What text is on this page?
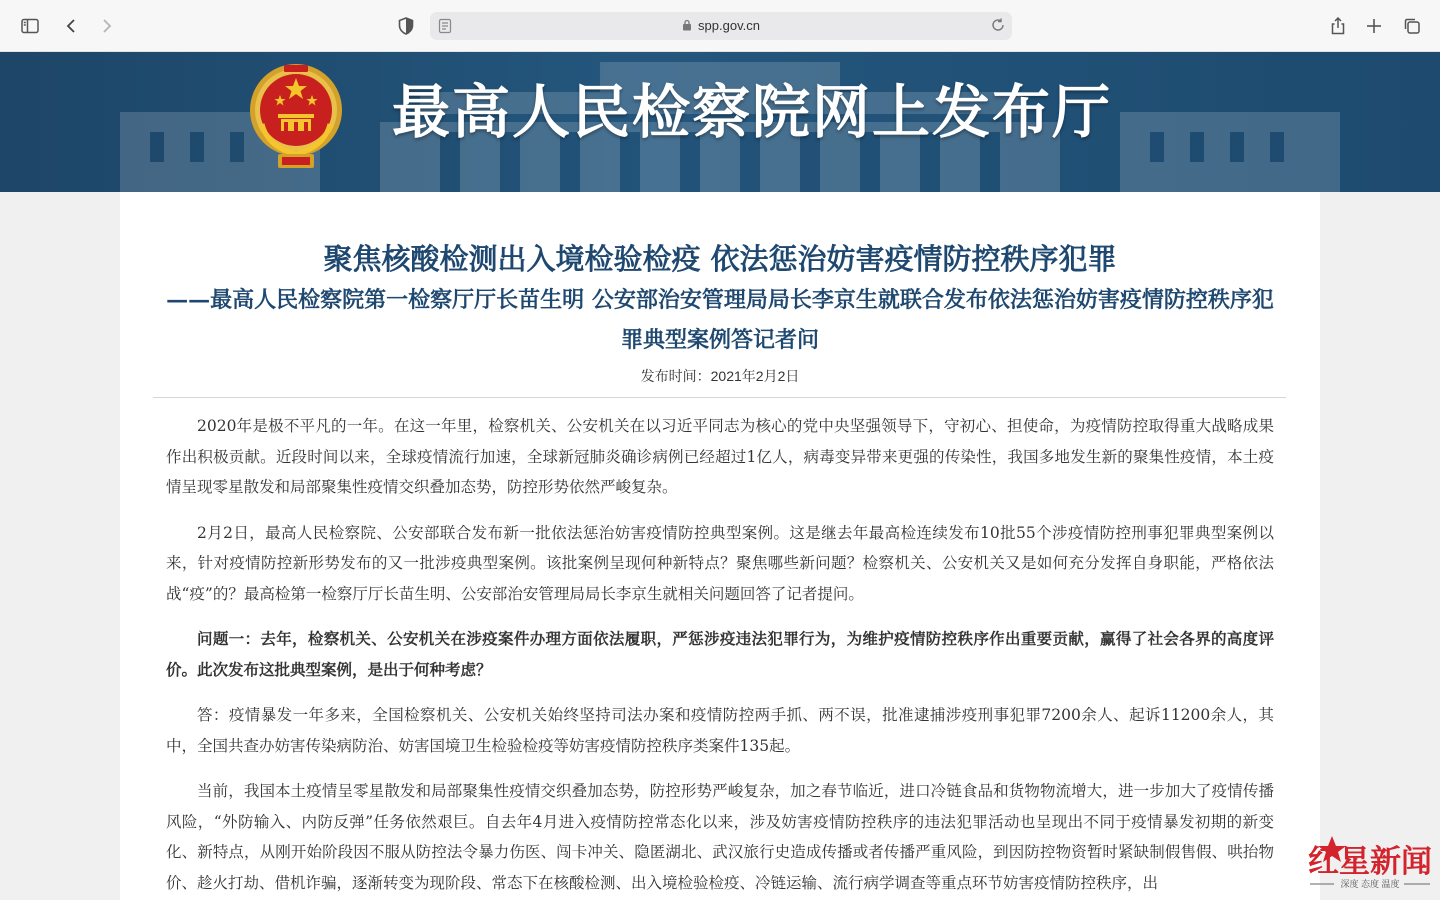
spp.gov.cn
最高人民检察院网上发布厅
聚焦核酸检测出入境检验检疫 依法惩治妨害疫情防控秩序犯罪
——最高人民检察院第一检察厅厅长苗生明 公安部治安管理局局长李京生就联合发布依法惩治妨害疫情防控秩序犯罪典型案例答记者问
发布时间：2021年2月2日

2020年是极不平凡的一年。在这一年里，检察机关、公安机关在以习近平同志为核心的党中央坚强领导下，守初心、担使命，为疫情防控取得重大战略成果作出积极贡献。近段时间以来，全球疫情流行加速，全球新冠肺炎确诊病例已经超过1亿人，病毒变异带来更强的传染性，我国多地发生新的聚集性疫情，本土疫情呈现零星散发和局部聚集性疫情交织叠加态势，防控形势依然严峻复杂。

2月2日，最高人民检察院、公安部联合发布新一批依法惩治妨害疫情防控典型案例。这是继去年最高检连续发布10批55个涉疫情防控刑事犯罪典型案例以来，针对疫情防控新形势发布的又一批涉疫典型案例。该批案例呈现何种新特点？聚焦哪些新问题？检察机关、公安机关又是如何充分发挥自身职能，严格依法战“疫”的？最高检第一检察厅厅长苗生明、公安部治安管理局局长李京生就相关问题回答了记者提问。

问题一：去年，检察机关、公安机关在涉疫案件办理方面依法履职，严惩涉疫违法犯罪行为，为维护疫情防控秩序作出重要贡献，赢得了社会各界的高度评价。此次发布这批典型案例，是出于何种考虑？

答：疫情暴发一年多来，全国检察机关、公安机关始终坚持司法办案和疫情防控两手抓、两不误，批准逮捕涉疫刑事犯罪7200余人、起诉11200余人，其中，全国共查办妨害传染病防治、妨害国境卫生检验检疫等妨害疫情防控秩序类案件135起。

当前，我国本土疫情呈零星散发和局部聚集性疫情交织叠加态势，防控形势严峻复杂，加之春节临近，进口冷链食品和货物物流增大，进一步加大了疫情传播风险，“外防输入、内防反弹”任务依然艰巨。自去年4月进入疫情防控常态化以来，涉及妨害疫情防控秩序的违法犯罪活动也呈现出不同于疫情暴发初期的新变化、新特点，从刚开始阶段因不服从防控法令暴力伤医、闯卡冲关、隐匿湖北、武汉旅行史造成传播或者传播严重风险，到因防控物资暂时紧缺制假售假、哄抬物价、趁火打劫、借机诈骗，逐渐转变为现阶段、常态下在核酸检测、出入境检验检疫、冷链运输、流行病学调查等重点环节妨害疫情防控秩序，出

红星新闻
深度 态度 温度
